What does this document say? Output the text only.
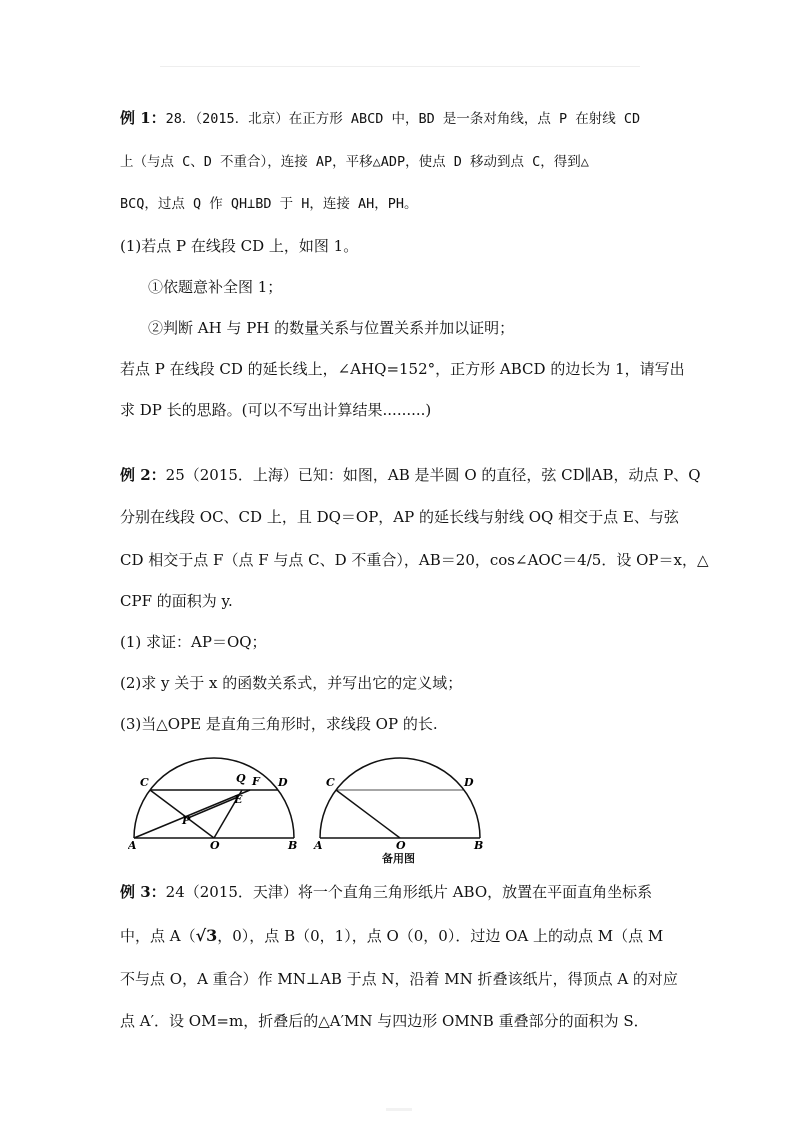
例 1：28．（2015．北京）在正方形 ABCD 中，BD 是一条对角线，点 P 在射线 CD
上（与点 C、D 不重合），连接 AP，平移△ADP，使点 D 移动到点 C，得到△
BCQ，过点 Q 作 QH⊥BD 于 H，连接 AH，PH。
(1)若点 P 在线段 CD 上，如图 1。
①依题意补全图 1；
②判断 AH 与 PH 的数量关系与位置关系并加以证明；
若点 P 在线段 CD 的延长线上，∠AHQ=152°，正方形 ABCD 的边长为 1，请写出
求 DP 长的思路。(可以不写出计算结果.........)
例 2：25（2015．上海）已知：如图，AB 是半圆 O 的直径，弦 CD∥AB，动点 P、Q
分别在线段 OC、CD 上，且 DQ＝OP，AP 的延长线与射线 OQ 相交于点 E、与弦
CD 相交于点 F（点 F 与点 C、D 不重合），AB＝20，cos∠AOC＝4/5．设 OP＝x，△
CPF 的面积为 y.
(1) 求证：AP＝OQ；
(2)求 y 关于 x 的函数关系式，并写出它的定义域；
(3)当△OPE 是直角三角形时，求线段 OP 的长.
C	Q F D
E
P
A	O	B
C	D
A	O	B
备用图
例 3：24（2015．天津）将一个直角三角形纸片 ABO，放置在平面直角坐标系
中，点 A（√3，0），点 B（0，1），点 O（0，0）．过边 OA 上的动点 M（点 M
不与点 O，A 重合）作 MN⊥AB 于点 N，沿着 MN 折叠该纸片，得顶点 A 的对应
点 A′．设 OM=m，折叠后的△A′MN 与四边形 OMNB 重叠部分的面积为 S．
